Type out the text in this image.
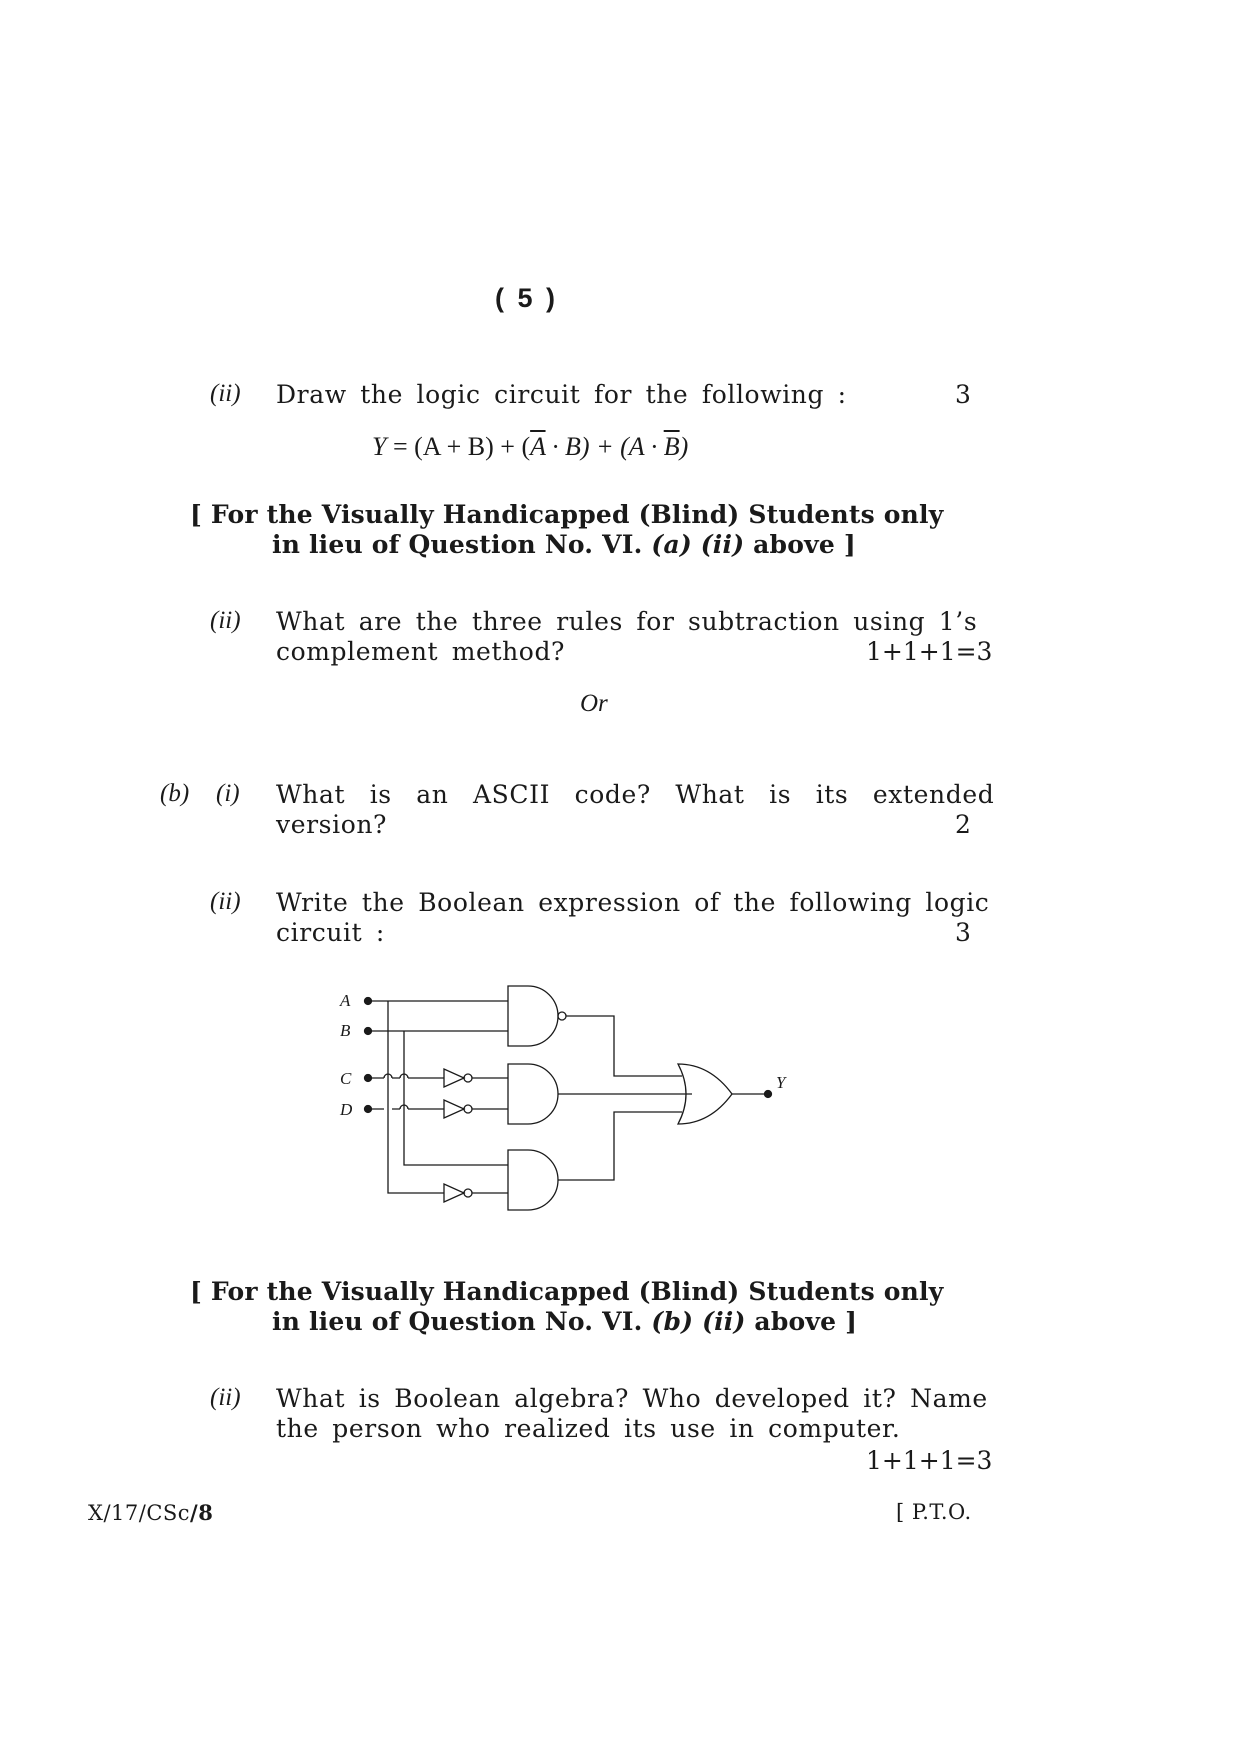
( 5 )
(ii) Draw the logic circuit for the following :	3
$Y = (A + B) + (\overline{A} \cdot B) + (A \cdot \overline{B})$
[ For the Visually Handicapped (Blind) Students only
in lieu of Question No. VI. (a) (ii) above ]
(ii) What are the three rules for subtraction using 1’s
complement method?	1+1+1=3
Or
(b) (i) What is an ASCII code? What is its extended
version?	2
(ii) Write the Boolean expression of the following logic
circuit :	3
A
B
C
D
Y
[ For the Visually Handicapped (Blind) Students only
in lieu of Question No. VI. (b) (ii) above ]
(ii) What is Boolean algebra? Who developed it? Name
the person who realized its use in computer.
1+1+1=3
X/17/CSc/8	[ P.T.O.
